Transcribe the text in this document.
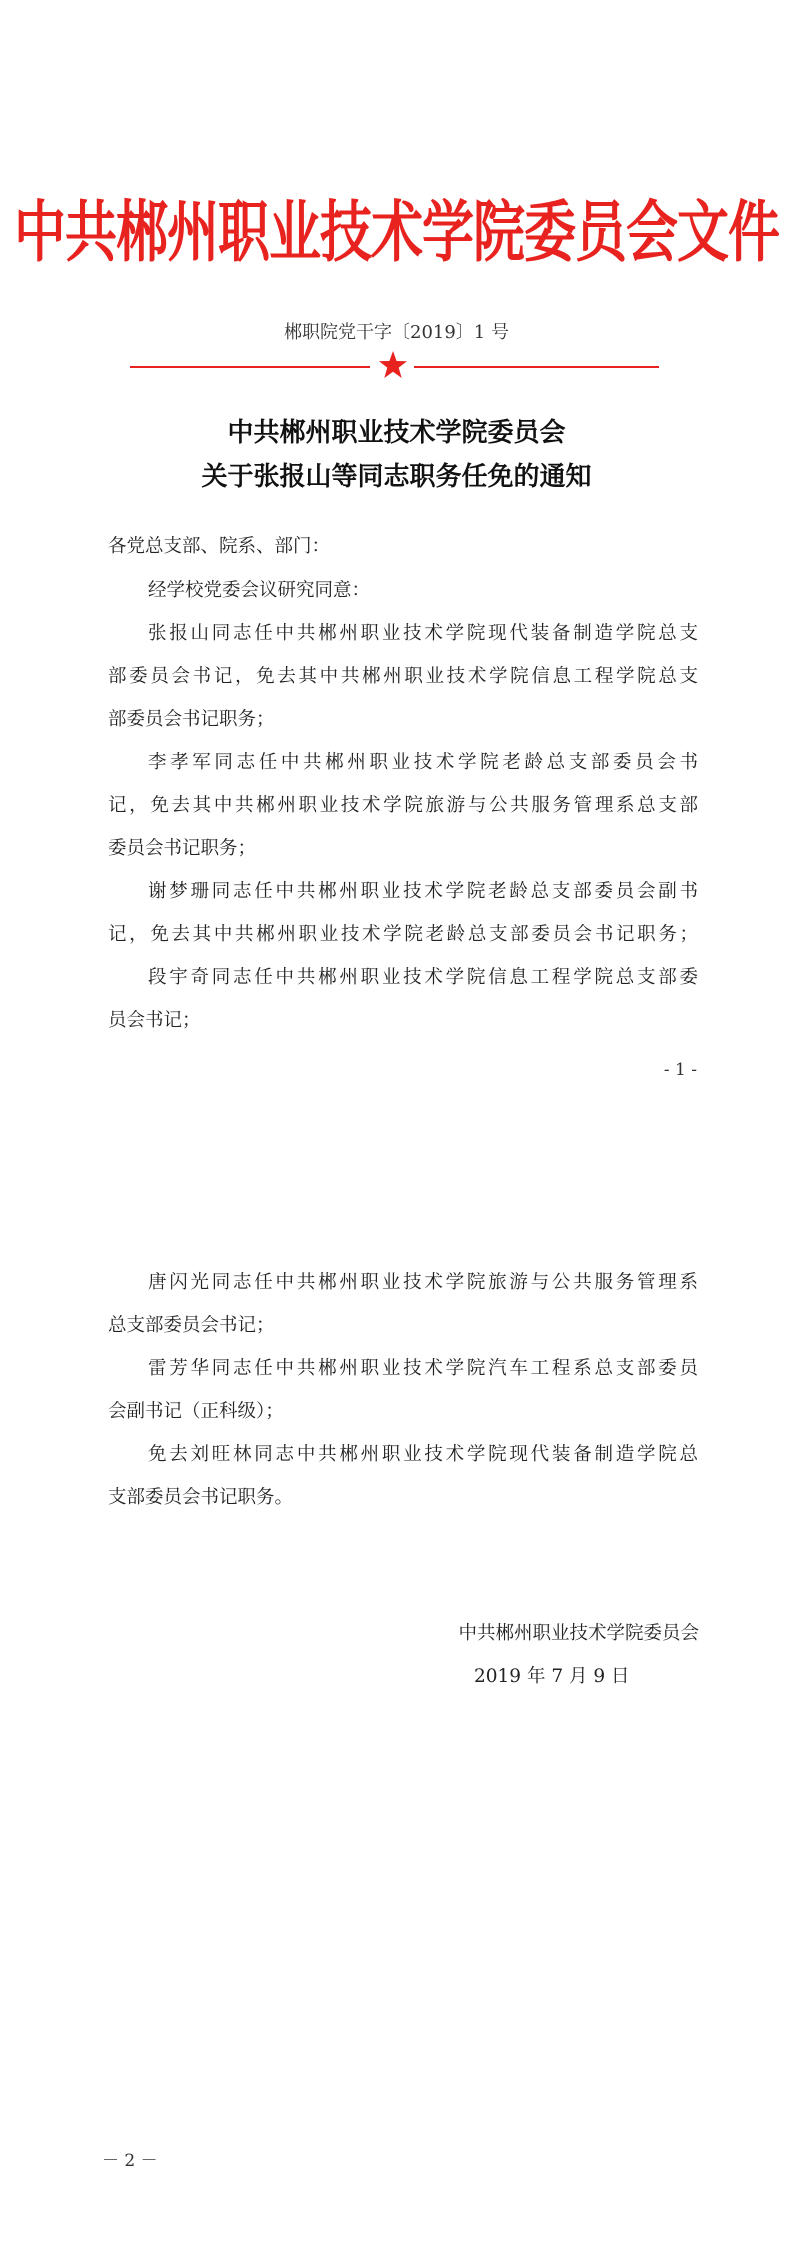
中共郴州职业技术学院委员会文件
郴职院党干字〔2019〕1 号
中共郴州职业技术学院委员会
关于张报山等同志职务任免的通知
各党总支部、院系、部门：
经学校党委会议研究同意：
张报山同志任中共郴州职业技术学院现代装备制造学院总支
部委员会书记，免去其中共郴州职业技术学院信息工程学院总支
部委员会书记职务；
李孝军同志任中共郴州职业技术学院老龄总支部委员会书
记，免去其中共郴州职业技术学院旅游与公共服务管理系总支部
委员会书记职务；
谢梦珊同志任中共郴州职业技术学院老龄总支部委员会副书
记，免去其中共郴州职业技术学院老龄总支部委员会书记职务；
段宇奇同志任中共郴州职业技术学院信息工程学院总支部委
- 1 -
员会书记；
唐闪光同志任中共郴州职业技术学院旅游与公共服务管理系
总支部委员会书记；
雷芳华同志任中共郴州职业技术学院汽车工程系总支部委员
会副书记（正科级）；
免去刘旺林同志中共郴州职业技术学院现代装备制造学院总
支部委员会书记职务。
中共郴州职业技术学院委员会
2019 年 7 月 9 日
－ 2 －
